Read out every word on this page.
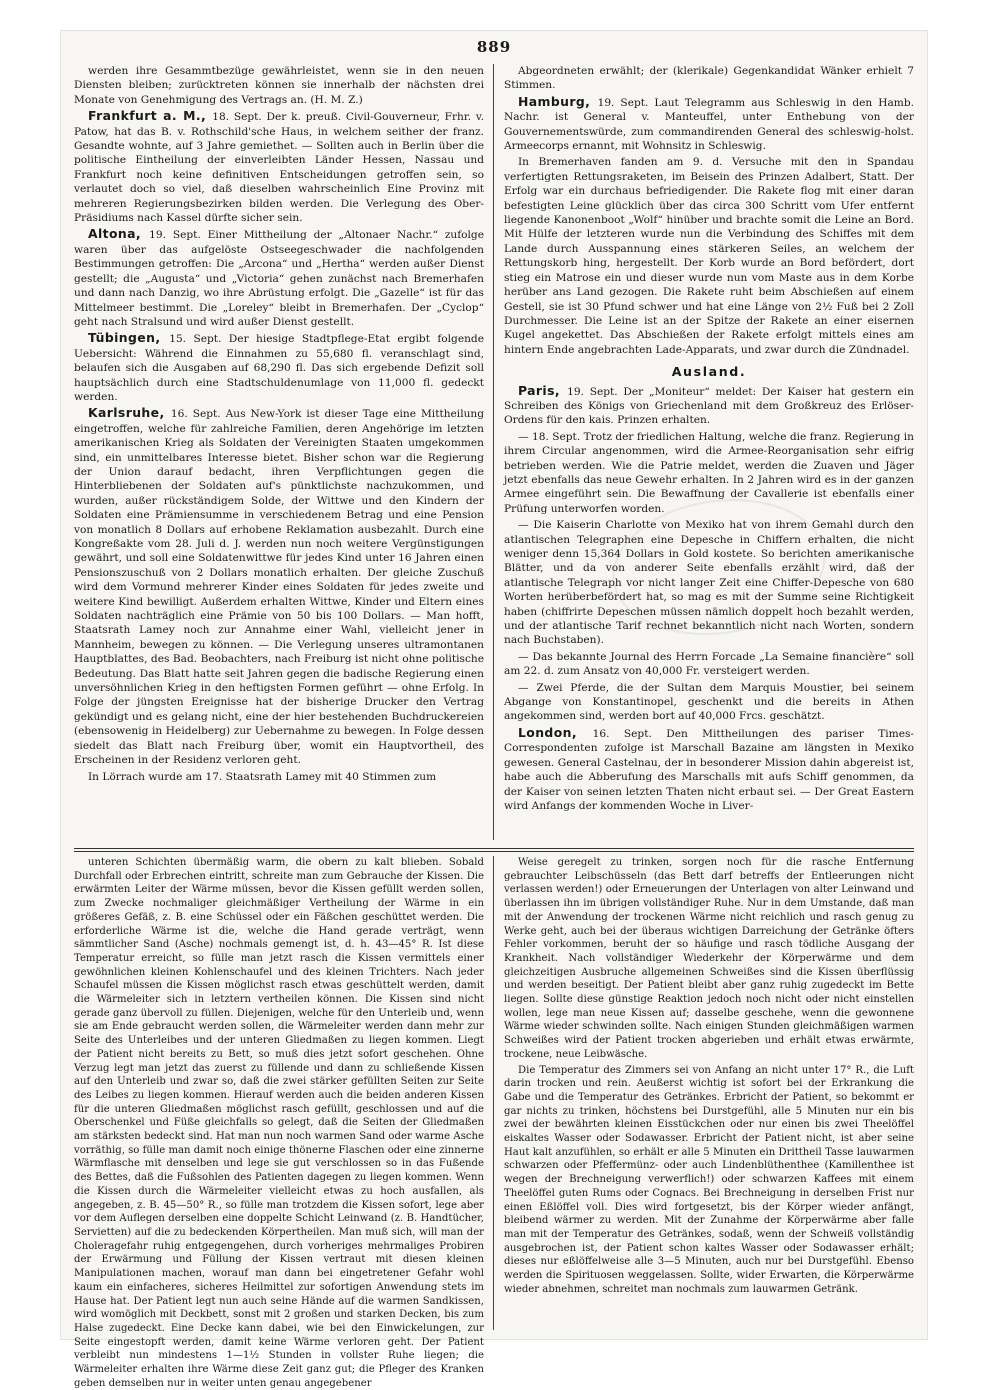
889

werden ihre Gesammtbezüge gewährleistet, wenn sie in den neuen Diensten bleiben; zurücktreten können sie innerhalb der nächsten drei Monate von Genehmigung des Vertrags an. (H. M. Z.)

Frankfurt a. M., 18. Sept. Der k. preuß. Civil-Gouverneur, Frhr. v. Patow, hat das B. v. Rothschild'sche Haus, in welchem seither der franz. Gesandte wohnte, auf 3 Jahre gemiethet. — Sollten auch in Berlin über die politische Eintheilung der einverleibten Länder Hessen, Nassau und Frankfurt noch keine definitiven Entscheidungen getroffen sein, so verlautet doch so viel, daß dieselben wahrscheinlich Eine Provinz mit mehreren Regierungsbezirken bilden werden. Die Verlegung des Ober-Präsidiums nach Kassel dürfte sicher sein.

Altona, 19. Sept. Einer Mittheilung der „Altonaer Nachr.“ zufolge waren über das aufgelöste Ostseegeschwader die nachfolgenden Bestimmungen getroffen: Die „Arcona“ und „Hertha“ werden außer Dienst gestellt; die „Augusta“ und „Victoria“ gehen zunächst nach Bremerhafen und dann nach Danzig, wo ihre Abrüstung erfolgt. Die „Gazelle“ ist für das Mittelmeer bestimmt. Die „Loreley“ bleibt in Bremerhafen. Der „Cyclop“ geht nach Stralsund und wird außer Dienst gestellt.

Tübingen, 15. Sept. Der hiesige Stadtpflege-Etat ergibt folgende Uebersicht: Während die Einnahmen zu 55,680 fl. veranschlagt sind, belaufen sich die Ausgaben auf 68,290 fl. Das sich ergebende Defizit soll hauptsächlich durch eine Stadtschuldenumlage von 11,000 fl. gedeckt werden.

Karlsruhe, 16. Sept. Aus New-York ist dieser Tage eine Mittheilung eingetroffen, welche für zahlreiche Familien, deren Angehörige im letzten amerikanischen Krieg als Soldaten der Vereinigten Staaten umgekommen sind, ein unmittelbares Interesse bietet. Bisher schon war die Regierung der Union darauf bedacht, ihren Verpflichtungen gegen die Hinterbliebenen der Soldaten auf's pünktlichste nachzukommen, und wurden, außer rückständigem Solde, der Wittwe und den Kindern der Soldaten eine Prämiensumme in verschiedenem Betrag und eine Pension von monatlich 8 Dollars auf erhobene Reklamation ausbezahlt. Durch eine Kongreßakte vom 28. Juli d. J. werden nun noch weitere Vergünstigungen gewährt, und soll eine Soldatenwittwe für jedes Kind unter 16 Jahren einen Pensionszuschuß von 2 Dollars monatlich erhalten. Der gleiche Zuschuß wird dem Vormund mehrerer Kinder eines Soldaten für jedes zweite und weitere Kind bewilligt. Außerdem erhalten Wittwe, Kinder und Eltern eines Soldaten nachträglich eine Prämie von 50 bis 100 Dollars. — Man hofft, Staatsrath Lamey noch zur Annahme einer Wahl, vielleicht jener in Mannheim, bewegen zu können. — Die Verlegung unseres ultramontanen Hauptblattes, des Bad. Beobachters, nach Freiburg ist nicht ohne politische Bedeutung. Das Blatt hatte seit Jahren gegen die badische Regierung einen unversöhnlichen Krieg in den heftigsten Formen geführt — ohne Erfolg. In Folge der jüngsten Ereignisse hat der bisherige Drucker den Vertrag gekündigt und es gelang nicht, eine der hier bestehenden Buchdruckereien (ebensowenig in Heidelberg) zur Uebernahme zu bewegen. In Folge dessen siedelt das Blatt nach Freiburg über, womit ein Hauptvortheil, des Erscheinen in der Residenz verloren geht.

In Lörrach wurde am 17. Staatsrath Lamey mit 40 Stimmen zum

Abgeordneten erwählt; der (klerikale) Gegenkandidat Wänker erhielt 7 Stimmen.

Hamburg, 19. Sept. Laut Telegramm aus Schleswig in den Hamb. Nachr. ist General v. Manteuffel, unter Enthebung von der Gouvernementswürde, zum commandirenden General des schleswig-holst. Armeecorps ernannt, mit Wohnsitz in Schleswig.

In Bremerhaven fanden am 9. d. Versuche mit den in Spandau verfertigten Rettungsraketen, im Beisein des Prinzen Adalbert, Statt. Der Erfolg war ein durchaus befriedigender. Die Rakete flog mit einer daran befestigten Leine glücklich über das circa 300 Schritt vom Ufer entfernt liegende Kanonenboot „Wolf“ hinüber und brachte somit die Leine an Bord. Mit Hülfe der letzteren wurde nun die Verbindung des Schiffes mit dem Lande durch Ausspannung eines stärkeren Seiles, an welchem der Rettungskorb hing, hergestellt. Der Korb wurde an Bord befördert, dort stieg ein Matrose ein und dieser wurde nun vom Maste aus in dem Korbe herüber ans Land gezogen. Die Rakete ruht beim Abschießen auf einem Gestell, sie ist 30 Pfund schwer und hat eine Länge von 2½ Fuß bei 2 Zoll Durchmesser. Die Leine ist an der Spitze der Rakete an einer eisernen Kugel angekettet. Das Abschießen der Rakete erfolgt mittels eines am hintern Ende angebrachten Lade-Apparats, und zwar durch die Zündnadel.

Ausland.

Paris, 19. Sept. Der „Moniteur“ meldet: Der Kaiser hat gestern ein Schreiben des Königs von Griechenland mit dem Großkreuz des Erlöser-Ordens für den kais. Prinzen erhalten.

— 18. Sept. Trotz der friedlichen Haltung, welche die franz. Regierung in ihrem Circular angenommen, wird die Armee-Reorganisation sehr eifrig betrieben werden. Wie die Patrie meldet, werden die Zuaven und Jäger jetzt ebenfalls das neue Gewehr erhalten. In 2 Jahren wird es in der ganzen Armee eingeführt sein. Die Bewaffnung der Cavallerie ist ebenfalls einer Prüfung unterworfen worden.

— Die Kaiserin Charlotte von Mexiko hat von ihrem Gemahl durch den atlantischen Telegraphen eine Depesche in Chiffern erhalten, die nicht weniger denn 15,364 Dollars in Gold kostete. So berichten amerikanische Blätter, und da von anderer Seite ebenfalls erzählt wird, daß der atlantische Telegraph vor nicht langer Zeit eine Chiffer-Depesche von 680 Worten herüberbefördert hat, so mag es mit der Summe seine Richtigkeit haben (chiffrirte Depeschen müssen nämlich doppelt hoch bezahlt werden, und der atlantische Tarif rechnet bekanntlich nicht nach Worten, sondern nach Buchstaben).

— Das bekannte Journal des Herrn Forcade „La Semaine financière“ soll am 22. d. zum Ansatz von 40,000 Fr. versteigert werden.

— Zwei Pferde, die der Sultan dem Marquis Moustier, bei seinem Abgange von Konstantinopel, geschenkt und die bereits in Athen angekommen sind, werden bort auf 40,000 Frcs. geschätzt.

London, 16. Sept. Den Mittheilungen des pariser Times-Correspondenten zufolge ist Marschall Bazaine am längsten in Mexiko gewesen. General Castelnau, der in besonderer Mission dahin abgereist ist, habe auch die Abberufung des Marschalls mit aufs Schiff genommen, da der Kaiser von seinen letzten Thaten nicht erbaut sei. — Der Great Eastern wird Anfangs der kommenden Woche in Liver-

unteren Schichten übermäßig warm, die obern zu kalt blieben. Sobald Durchfall oder Erbrechen eintritt, schreite man zum Gebrauche der Kissen. Die erwärmten Leiter der Wärme müssen, bevor die Kissen gefüllt werden sollen, zum Zwecke nochmaliger gleichmäßiger Vertheilung der Wärme in ein größeres Gefäß, z. B. eine Schüssel oder ein Fäßchen geschüttet werden. Die erforderliche Wärme ist die, welche die Hand gerade verträgt, wenn sämmtlicher Sand (Asche) nochmals gemengt ist, d. h. 43—45° R. Ist diese Temperatur erreicht, so fülle man jetzt rasch die Kissen vermittels einer gewöhnlichen kleinen Kohlenschaufel und des kleinen Trichters. Nach jeder Schaufel müssen die Kissen möglichst rasch etwas geschüttelt werden, damit die Wärmeleiter sich in letztern vertheilen können. Die Kissen sind nicht gerade ganz übervoll zu füllen. Diejenigen, welche für den Unterleib und, wenn sie am Ende gebraucht werden sollen, die Wärmeleiter werden dann mehr zur Seite des Unterleibes und der unteren Gliedmaßen zu liegen kommen. Liegt der Patient nicht bereits zu Bett, so muß dies jetzt sofort geschehen. Ohne Verzug legt man jetzt das zuerst zu füllende und dann zu schließende Kissen auf den Unterleib und zwar so, daß die zwei stärker gefüllten Seiten zur Seite des Leibes zu liegen kommen. Hierauf werden auch die beiden anderen Kissen für die unteren Gliedmaßen möglichst rasch gefüllt, geschlossen und auf die Oberschenkel und Füße gleichfalls so gelegt, daß die Seiten der Gliedmaßen am stärksten bedeckt sind. Hat man nun noch warmen Sand oder warme Asche vorräthig, so fülle man damit noch einige thönerne Flaschen oder eine zinnerne Wärmflasche mit denselben und lege sie gut verschlossen so in das Fußende des Bettes, daß die Fußsohlen des Patienten dagegen zu liegen kommen. Wenn die Kissen durch die Wärmeleiter vielleicht etwas zu hoch ausfallen, als angegeben, z. B. 45—50° R., so fülle man trotzdem die Kissen sofort, lege aber vor dem Auflegen derselben eine doppelte Schicht Leinwand (z. B. Handtücher, Servietten) auf die zu bedeckenden Körpertheilen. Man muß sich, will man der Choleragefahr ruhig entgegengehen, durch vorheriges mehrmaliges Probiren der Erwärmung und Füllung der Kissen vertraut mit diesen kleinen Manipulationen machen, worauf man dann bei eingetretener Gefahr wohl kaum ein einfacheres, sicheres Heilmittel zur sofortigen Anwendung stets im Hause hat. Der Patient legt nun auch seine Hände auf die warmen Sandkissen, wird womöglich mit Deckbett, sonst mit 2 großen und starken Decken, bis zum Halse zugedeckt. Eine Decke kann dabei, wie bei den Einwickelungen, zur Seite eingestopft werden, damit keine Wärme verloren geht. Der Patient verbleibt nun mindestens 1—1½ Stunden in vollster Ruhe liegen; die Wärmeleiter erhalten ihre Wärme diese Zeit ganz gut; die Pfleger des Kranken geben demselben nur in weiter unten genau angegebener

Weise geregelt zu trinken, sorgen noch für die rasche Entfernung gebrauchter Leibschüsseln (das Bett darf betreffs der Entleerungen nicht verlassen werden!) oder Erneuerungen der Unterlagen von alter Leinwand und überlassen ihn im übrigen vollständiger Ruhe. Nur in dem Umstande, daß man mit der Anwendung der trockenen Wärme nicht reichlich und rasch genug zu Werke geht, auch bei der überaus wichtigen Darreichung der Getränke öfters Fehler vorkommen, beruht der so häufige und rasch tödliche Ausgang der Krankheit. Nach vollständiger Wiederkehr der Körperwärme und dem gleichzeitigen Ausbruche allgemeinen Schweißes sind die Kissen überflüssig und werden beseitigt. Der Patient bleibt aber ganz ruhig zugedeckt im Bette liegen. Sollte diese günstige Reaktion jedoch noch nicht oder nicht einstellen wollen, lege man neue Kissen auf; dasselbe geschehe, wenn die gewonnene Wärme wieder schwinden sollte. Nach einigen Stunden gleichmäßigen warmen Schweißes wird der Patient trocken abgerieben und erhält etwas erwärmte, trockene, neue Leibwäsche.

Die Temperatur des Zimmers sei von Anfang an nicht unter 17° R., die Luft darin trocken und rein. Aeußerst wichtig ist sofort bei der Erkrankung die Gabe und die Temperatur des Getränkes. Erbricht der Patient, so bekommt er gar nichts zu trinken, höchstens bei Durstgefühl, alle 5 Minuten nur ein bis zwei der bewährten kleinen Eisstückchen oder nur einen bis zwei Theelöffel eiskaltes Wasser oder Sodawasser. Erbricht der Patient nicht, ist aber seine Haut kalt anzufühlen, so erhält er alle 5 Minuten ein Drittheil Tasse lauwarmen schwarzen oder Pfeffermünz- oder auch Lindenblüthenthee (Kamillenthee ist wegen der Brechneigung verwerflich!) oder schwarzen Kaffees mit einem Theelöffel guten Rums oder Cognacs. Bei Brechneigung in derselben Frist nur einen Eßlöffel voll. Dies wird fortgesetzt, bis der Körper wieder anfängt, bleibend wärmer zu werden. Mit der Zunahme der Körperwärme aber falle man mit der Temperatur des Getränkes, sodaß, wenn der Schweiß vollständig ausgebrochen ist, der Patient schon kaltes Wasser oder Sodawasser erhält; dieses nur eßlöffelweise alle 3—5 Minuten, auch nur bei Durstgefühl. Ebenso werden die Spirituosen weggelassen. Sollte, wider Erwarten, die Körperwärme wieder abnehmen, schreitet man nochmals zum lauwarmen Getränk.
